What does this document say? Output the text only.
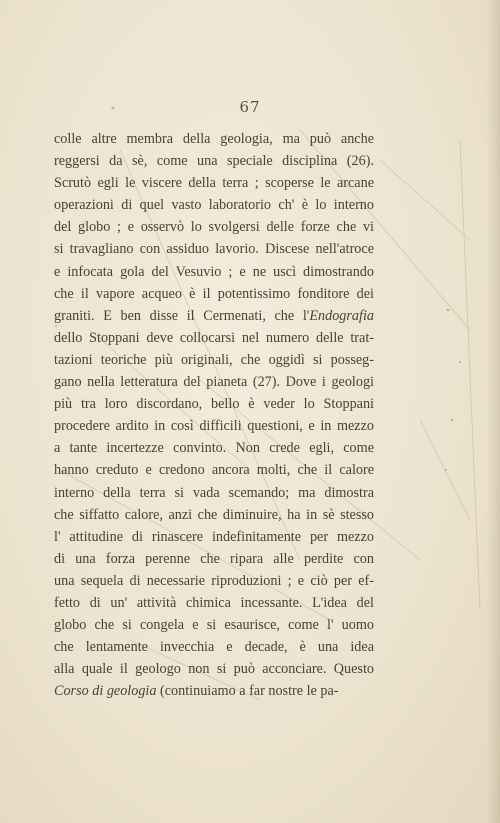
67
colle altre membra della geologia, ma può anche
reggersi da sè, come una speciale disciplina (26).
Scrutò egli le viscere della terra ; scoperse le arcane
operazioni di quel vasto laboratorio ch' è lo interno
del globo ; e osservò lo svolgersi delle forze che vi
si travagliano con assiduo lavorio. Discese nell'atroce
e infocata gola del Vesuvio ; e ne uscì dimostrando
che il vapore acqueo è il potentissimo fonditore dei
graniti. E ben disse il Cermenati, che l'Endografia
dello Stoppani deve collocarsi nel numero delle trat-
tazioni teoriche più originali, che oggidì si posseg-
gano nella letteratura del pianeta (27). Dove i geologi
più tra loro discordano, bello è veder lo Stoppani
procedere ardito in così difficili questioni, e in mezzo
a tante incertezze convinto. Non crede egli, come
hanno creduto e credono ancora molti, che il calore
interno della terra si vada scemando; ma dimostra
che siffatto calore, anzi che diminuire, ha in sè stesso
l' attitudine di rinascere indefinitamente per mezzo
di una forza perenne che ripara alle perdite con
una sequela di necessarie riproduzioni ; e ciò per ef-
fetto di un' attività chimica incessante. L'idea del
globo che si congela e si esaurisce, come l' uomo
che lentamente invecchia e decade, è una idea
alla quale il geologo non si può acconciare. Questo
Corso di geologia (continuiamo a far nostre le pa-
